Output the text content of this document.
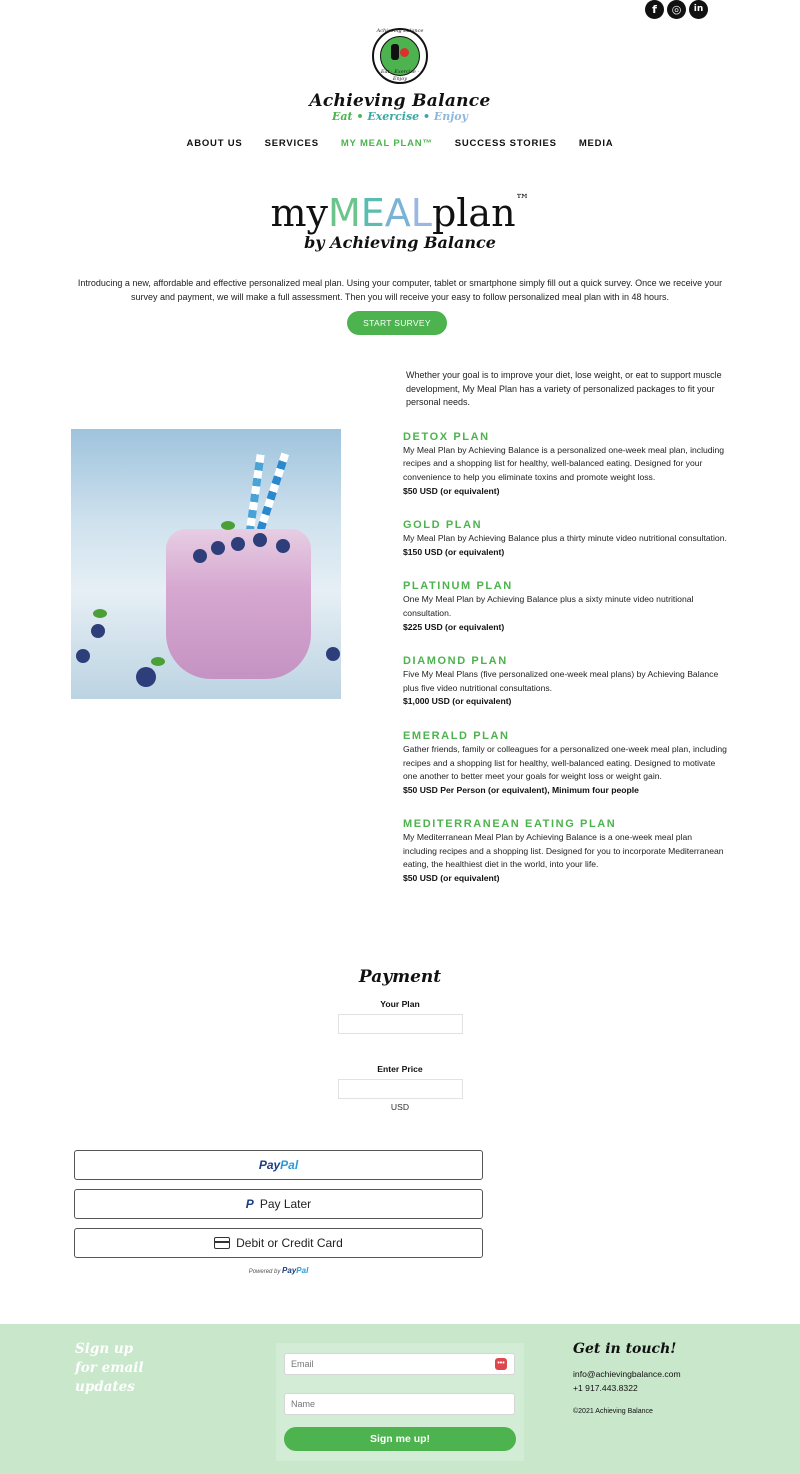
f	◎	in
Achieving Balance
Eat · Exercise · Enjoy
Achieving Balance
Eat • Exercise • Enjoy
ABOUT US SERVICES MY MEAL PLAN™ SUCCESS STORIES MEDIA
myMEALplan™
by Achieving Balance

Introducing a new, affordable and effective personalized meal plan. Using your computer, tablet or smartphone simply fill out a quick survey. Once we receive your survey and payment, we will make a full assessment. Then you will receive your easy to follow personalized meal plan with in 48 hours.

START SURVEY

Whether your goal is to improve your diet, lose weight, or eat to support muscle development, My Meal Plan has a variety of personalized packages to fit your personal needs.

DETOX PLAN

My Meal Plan by Achieving Balance is a personalized one-week meal plan, including recipes and a shopping list for healthy, well-balanced eating. Designed for your convenience to help you eliminate toxins and promote weight loss.

$50 USD (or equivalent)

GOLD PLAN

My Meal Plan by Achieving Balance plus a thirty minute video nutritional consultation.

$150 USD (or equivalent)

PLATINUM PLAN

One My Meal Plan by Achieving Balance plus a sixty minute video nutritional consultation.

$225 USD (or equivalent)

DIAMOND PLAN

Five My Meal Plans (five personalized one-week meal plans) by Achieving Balance plus five video nutritional consultations.

$1,000 USD (or equivalent)

EMERALD PLAN

Gather friends, family or colleagues for a personalized one-week meal plan, including recipes and a shopping list for healthy, well-balanced eating. Designed to motivate one another to better meet your goals for weight loss or weight gain.

$50 USD Per Person (or equivalent), Minimum four people

MEDITERRANEAN EATING PLAN

My Mediterranean Meal Plan by Achieving Balance is a one-week meal plan including recipes and a shopping list. Designed for you to incorporate Mediterranean eating, the healthiest diet in the world, into your life.

$50 USD (or equivalent)

Payment
Your Plan
Enter Price
USD
PayPal
P Pay Later
Debit or Credit Card
Powered by PayPal
Sign up
for email
updates
Email	•••
Name
Sign me up!
Get in touch!
info@achievingbalance.com
+1 917.443.8322
©2021 Achieving Balance
